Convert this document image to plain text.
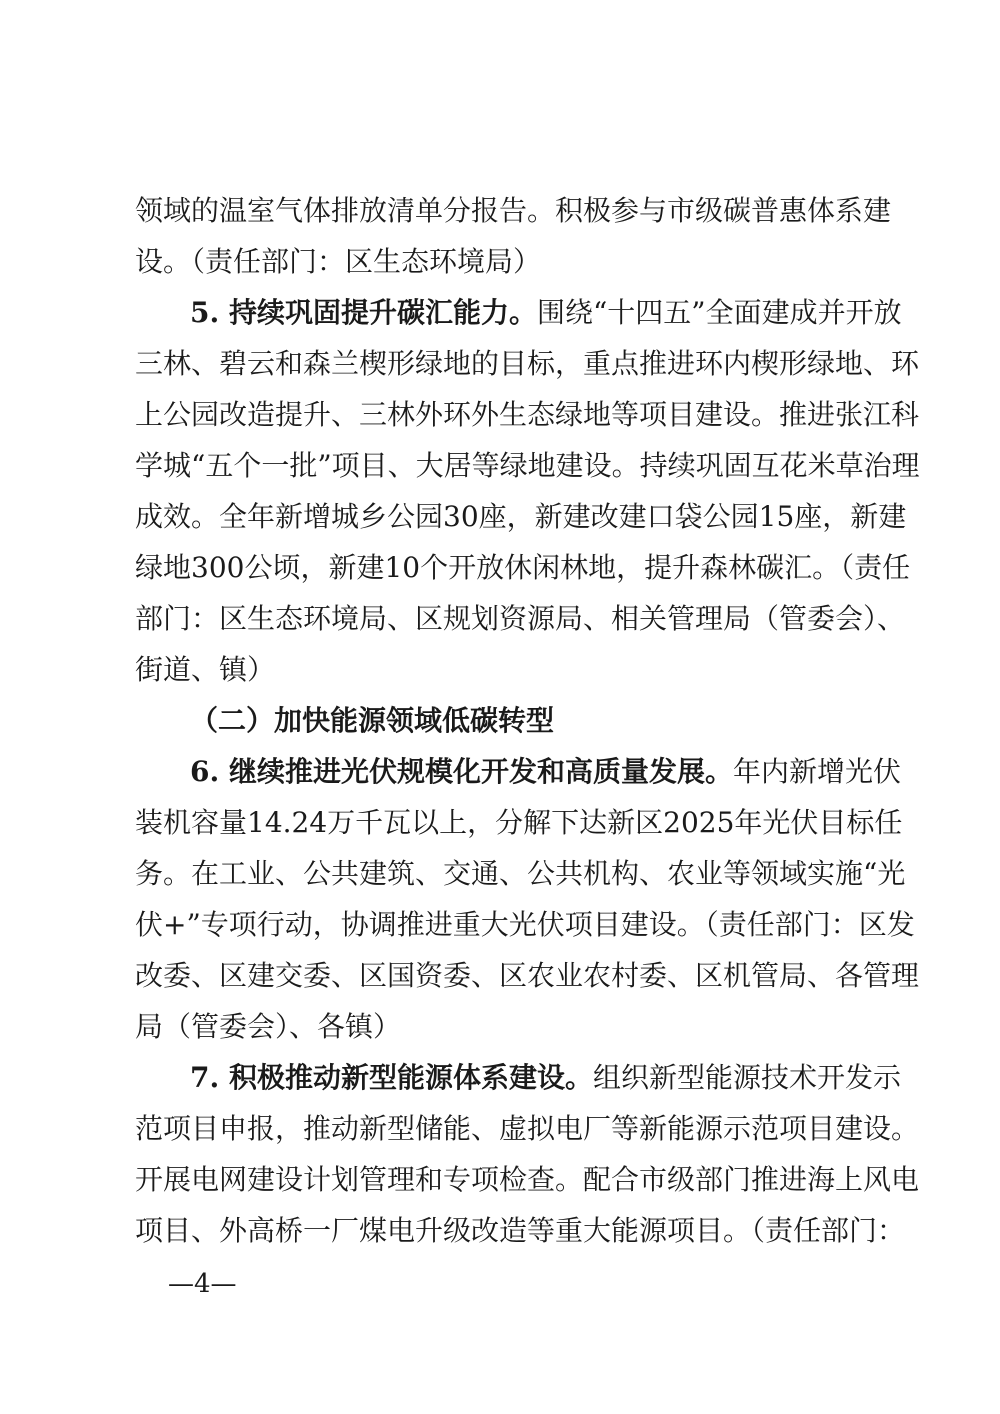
领域的温室气体排放清单分报告。积极参与市级碳普惠体系建
设。（责任部门：区生态环境局）
5. 持续巩固提升碳汇能力。围绕“十四五”全面建成并开放
三林、碧云和森兰楔形绿地的目标，重点推进环内楔形绿地、环
上公园改造提升、三林外环外生态绿地等项目建设。推进张江科
学城“五个一批”项目、大居等绿地建设。持续巩固互花米草治理
成效。全年新增城乡公园30座，新建改建口袋公园15座，新建
绿地300公顷，新建10个开放休闲林地，提升森林碳汇。（责任
部门：区生态环境局、区规划资源局、相关管理局（管委会）、
街道、镇）
（二）加快能源领域低碳转型
6. 继续推进光伏规模化开发和高质量发展。年内新增光伏
装机容量14.24万千瓦以上，分解下达新区2025年光伏目标任
务。在工业、公共建筑、交通、公共机构、农业等领域实施“光
伏+”专项行动，协调推进重大光伏项目建设。（责任部门：区发
改委、区建交委、区国资委、区农业农村委、区机管局、各管理
局（管委会）、各镇）
7. 积极推动新型能源体系建设。组织新型能源技术开发示
范项目申报，推动新型储能、虚拟电厂等新能源示范项目建设。
开展电网建设计划管理和专项检查。配合市级部门推进海上风电
项目、外高桥一厂煤电升级改造等重大能源项目。（责任部门：
—4—
